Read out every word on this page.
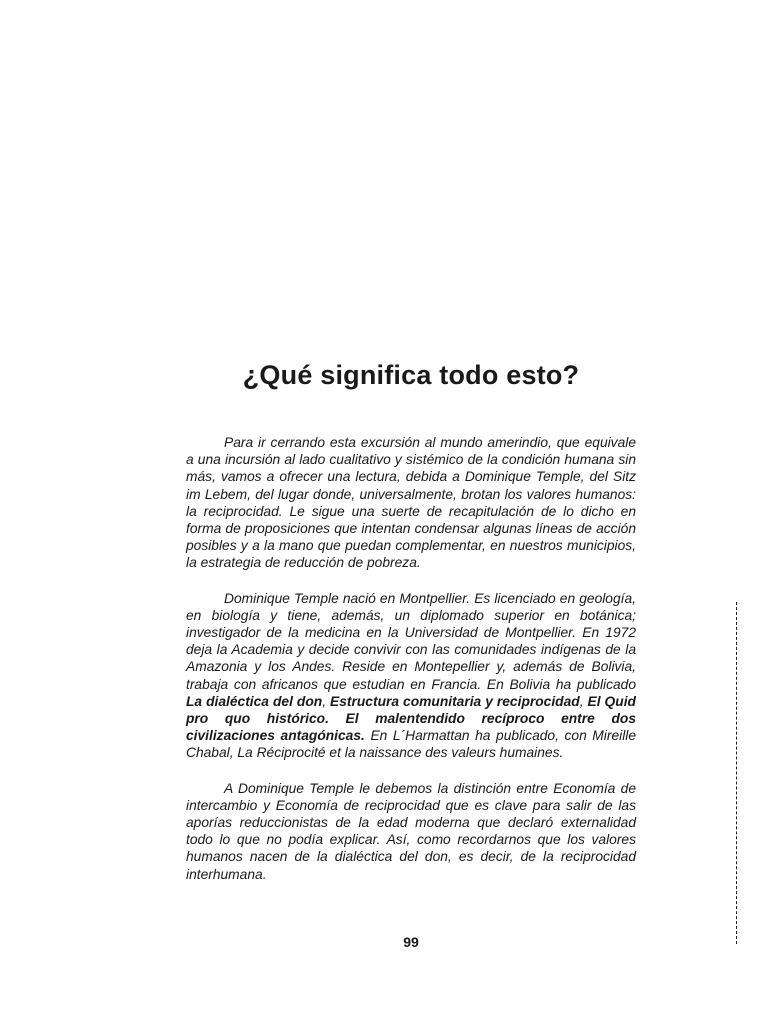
¿Qué significa todo esto?

Para ir cerrando esta excursión al mundo amerindio, que equivale a una incursión al lado cualitativo y sistémico de la condición humana sin más, vamos a ofrecer una lectura, debida a Dominique Temple, del Sitz im Lebem, del lugar donde, universalmente, brotan los valores humanos: la reciprocidad. Le sigue una suerte de recapitulación de lo dicho en forma de proposiciones que intentan condensar algunas líneas de acción posibles y a la mano que puedan complementar, en nuestros municipios, la estrategia de reducción de pobreza.

Dominique Temple nació en Montpellier. Es licenciado en geología, en biología y tiene, además, un diplomado superior en botánica; investigador de la medicina en la Universidad de Montpellier. En 1972 deja la Academia y decide convivir con las comunidades indígenas de la Amazonia y los Andes. Reside en Montepellier y, además de Bolivia, trabaja con africanos que estudian en Francia. En Bolivia ha publicado La dialéctica del don, Estructura comunitaria y reciprocidad, El Quid pro quo histórico. El malentendido recíproco entre dos civilizaciones antagónicas. En L´Harmattan ha publicado, con Mireille Chabal, La Réciprocité et la naissance des valeurs humaines.

A Dominique Temple le debemos la distinción entre Economía de intercambio y Economía de reciprocidad que es clave para salir de las aporías reduccionistas de la edad moderna que declaró externalidad todo lo que no podía explicar. Así, como recordarnos que los valores humanos nacen de la dialéctica del don, es decir, de la reciprocidad interhumana.

99
